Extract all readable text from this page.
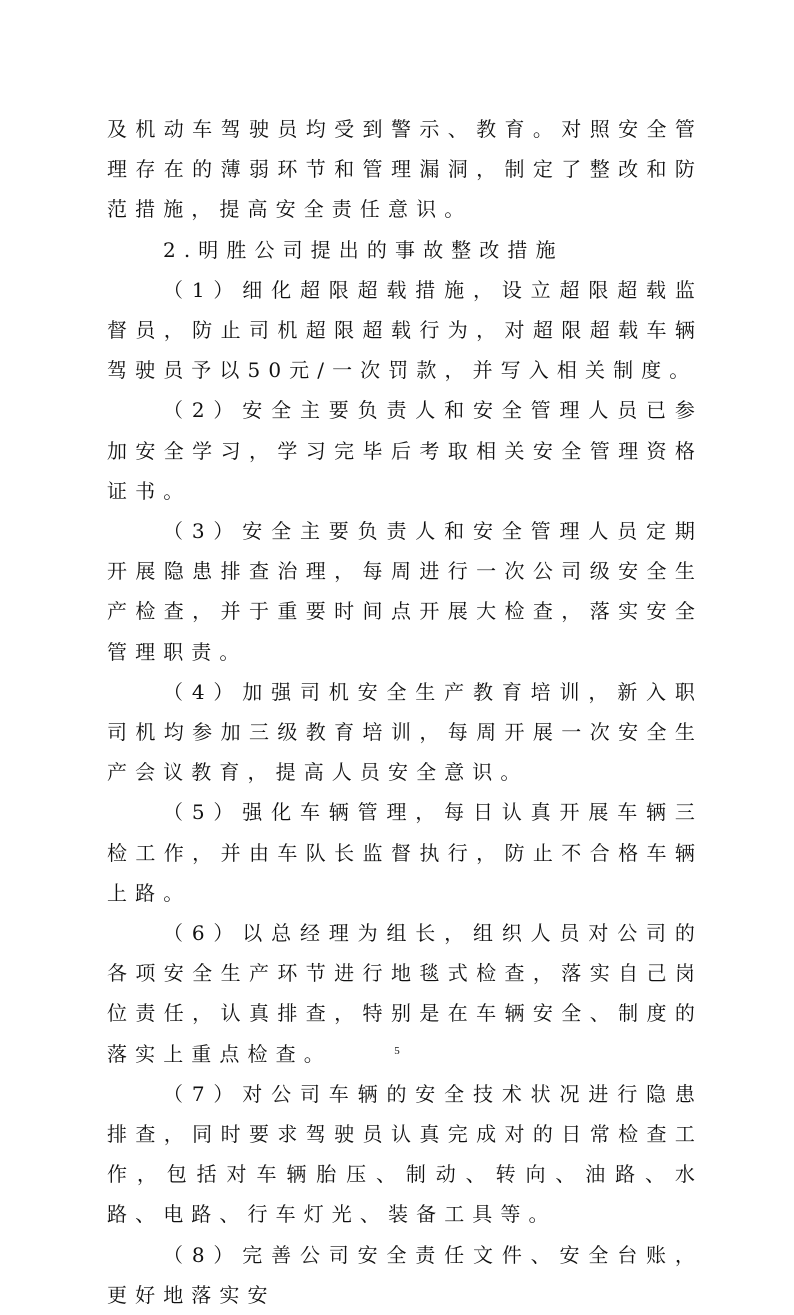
及机动车驾驶员均受到警示、教育。对照安全管理存在的薄弱环节和管理漏洞，制定了整改和防范措施，提高安全责任意识。

2.明胜公司提出的事故整改措施

（1）细化超限超载措施，设立超限超载监督员，防止司机超限超载行为，对超限超载车辆驾驶员予以50元/一次罚款，并写入相关制度。

（2）安全主要负责人和安全管理人员已参加安全学习，学习完毕后考取相关安全管理资格证书。

（3）安全主要负责人和安全管理人员定期开展隐患排查治理，每周进行一次公司级安全生产检查，并于重要时间点开展大检查，落实安全管理职责。

（4）加强司机安全生产教育培训，新入职司机均参加三级教育培训，每周开展一次安全生产会议教育，提高人员安全意识。

（5）强化车辆管理，每日认真开展车辆三检工作，并由车队长监督执行，防止不合格车辆上路。

（6）以总经理为组长，组织人员对公司的各项安全生产环节进行地毯式检查，落实自己岗位责任，认真排查，特别是在车辆安全、制度的落实上重点检查。

（7）对公司车辆的安全技术状况进行隐患排查，同时要求驾驶员认真完成对的日常检查工作，包括对车辆胎压、制动、转向、油路、水路、电路、行车灯光、装备工具等。

（8）完善公司安全责任文件、安全台账，更好地落实安

5
